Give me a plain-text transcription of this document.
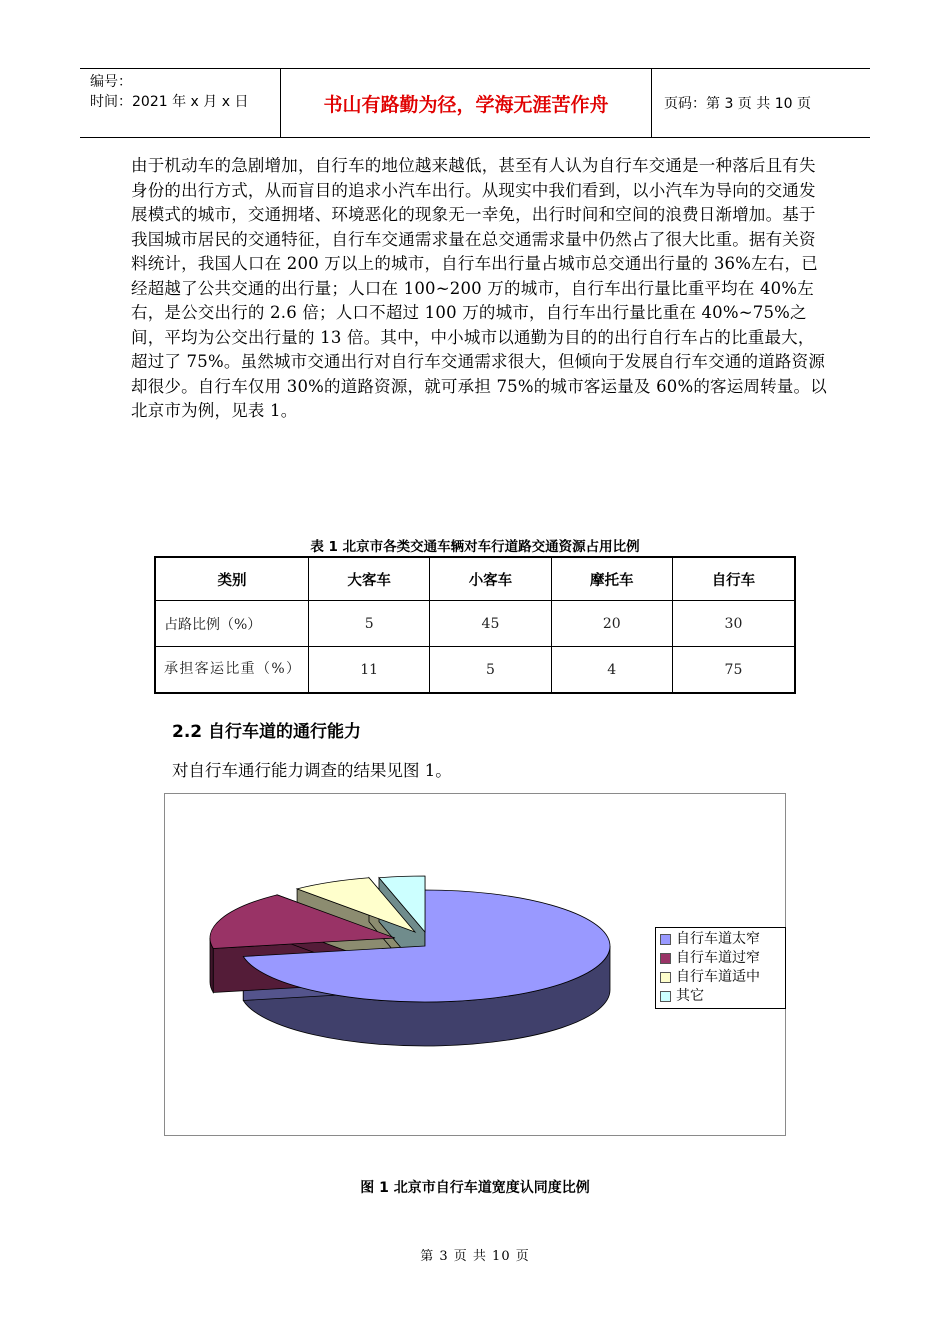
编号：
时间：2021 年 x 月 x 日	书山有路勤为径，学海无涯苦作舟	页码：第 3 页 共 10 页
由于机动车的急剧增加，自行车的地位越来越低，甚至有人认为自行车交通是一种落后且有失身份的出行方式，从而盲目的追求小汽车出行。从现实中我们看到，以小汽车为导向的交通发展模式的城市，交通拥堵、环境恶化的现象无一幸免，出行时间和空间的浪费日渐增加。基于我国城市居民的交通特征，自行车交通需求量在总交通需求量中仍然占了很大比重。据有关资料统计，我国人口在 200 万以上的城市，自行车出行量占城市总交通出行量的 36%左右，已经超越了公共交通的出行量；人口在 100~200 万的城市，自行车出行量比重平均在 40%左右，是公交出行的 2.6 倍；人口不超过 100 万的城市，自行车出行量比重在 40%~75%之间，平均为公交出行量的 13 倍。其中，中小城市以通勤为目的的出行自行车占的比重最大，超过了 75%。虽然城市交通出行对自行车交通需求很大，但倾向于发展自行车交通的道路资源却很少。自行车仅用 30%的道路资源，就可承担 75%的城市客运量及 60%的客运周转量。以北京市为例，见表 1。
表 1 北京市各类交通车辆对车行道路交通资源占用比例
类别	大客车	小客车	摩托车	自行车
占路比例（%）	5	45	20	30
承担客运比重（%）	11	5	4	75
2.2 自行车道的通行能力
对自行车通行能力调查的结果见图 1。
自行车道太窄
自行车道过窄
自行车道适中
其它
图 1 北京市自行车道宽度认同度比例
第 3 页 共 10 页
